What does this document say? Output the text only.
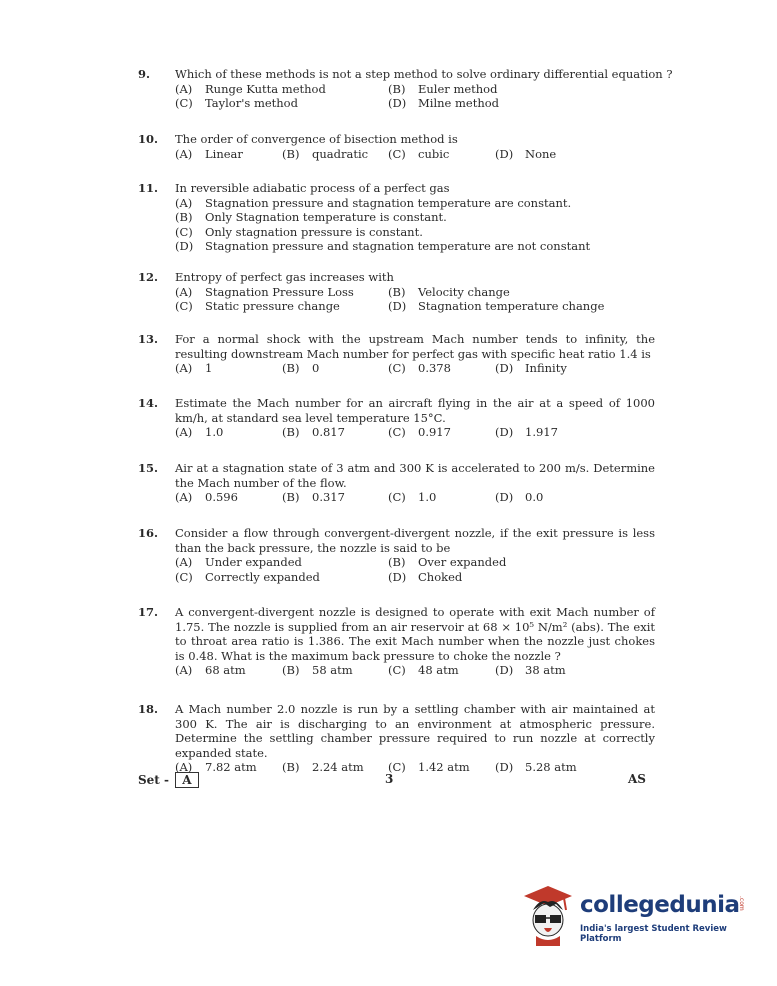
9.	Which of these methods is not a step method to solve ordinary differential equation ?
(A) Runge Kutta method	(B) Euler method
(C) Taylor's method	(D) Milne method
10.	The order of convergence of bisection method is
(A) Linear	(B) quadratic (C) cubic	(D) None
11.	In reversible adiabatic process of a perfect gas
(A) Stagnation pressure and stagnation temperature are constant.
(B) Only Stagnation temperature is constant.
(C) Only stagnation pressure is constant.
(D) Stagnation pressure and stagnation temperature are not constant
12.	Entropy of perfect gas increases with
(A) Stagnation Pressure Loss	(B) Velocity change
(C) Static pressure change	(D) Stagnation temperature change
13.	For a normal shock with the upstream Mach number tends to infinity, the resulting downstream Mach number for perfect gas with specific heat ratio 1.4 is
(A) 1	(B) 0	(C) 0.378	(D) Infinity
14.	Estimate the Mach number for an aircraft flying in the air at a speed of 1000 km/h, at standard sea level temperature 15°C.
(A) 1.0	(B) 0.817	(C) 0.917	(D) 1.917
15.	Air at a stagnation state of 3 atm and 300 K is accelerated to 200 m/s. Determine the Mach number of the flow.
(A) 0.596	(B) 0.317	(C) 1.0	(D) 0.0
16.	Consider a flow through convergent-divergent nozzle, if the exit pressure is less than the back pressure, the nozzle is said to be
(A) Under expanded	(B) Over expanded
(C) Correctly expanded	(D) Choked
17.	A convergent-divergent nozzle is designed to operate with exit Mach number of 1.75. The nozzle is supplied from an air reservoir at 68 × 10⁵ N/m² (abs). The exit to throat area ratio is 1.386. The exit Mach number when the nozzle just chokes is 0.48. What is the maximum back pressure to choke the nozzle ?
(A) 68 atm	(B) 58 atm	(C) 48 atm	(D) 38 atm
18.	A Mach number 2.0 nozzle is run by a settling chamber with air maintained at 300 K. The air is discharging to an environment at atmospheric pressure. Determine the settling chamber pressure required to run nozzle at correctly expanded state.
(A) 7.82 atm (B) 2.24 atm (C) 1.42 atm (D) 5.28 atm
Set - A	3	AS
collegedunia
.com
India's largest Student Review Platform
